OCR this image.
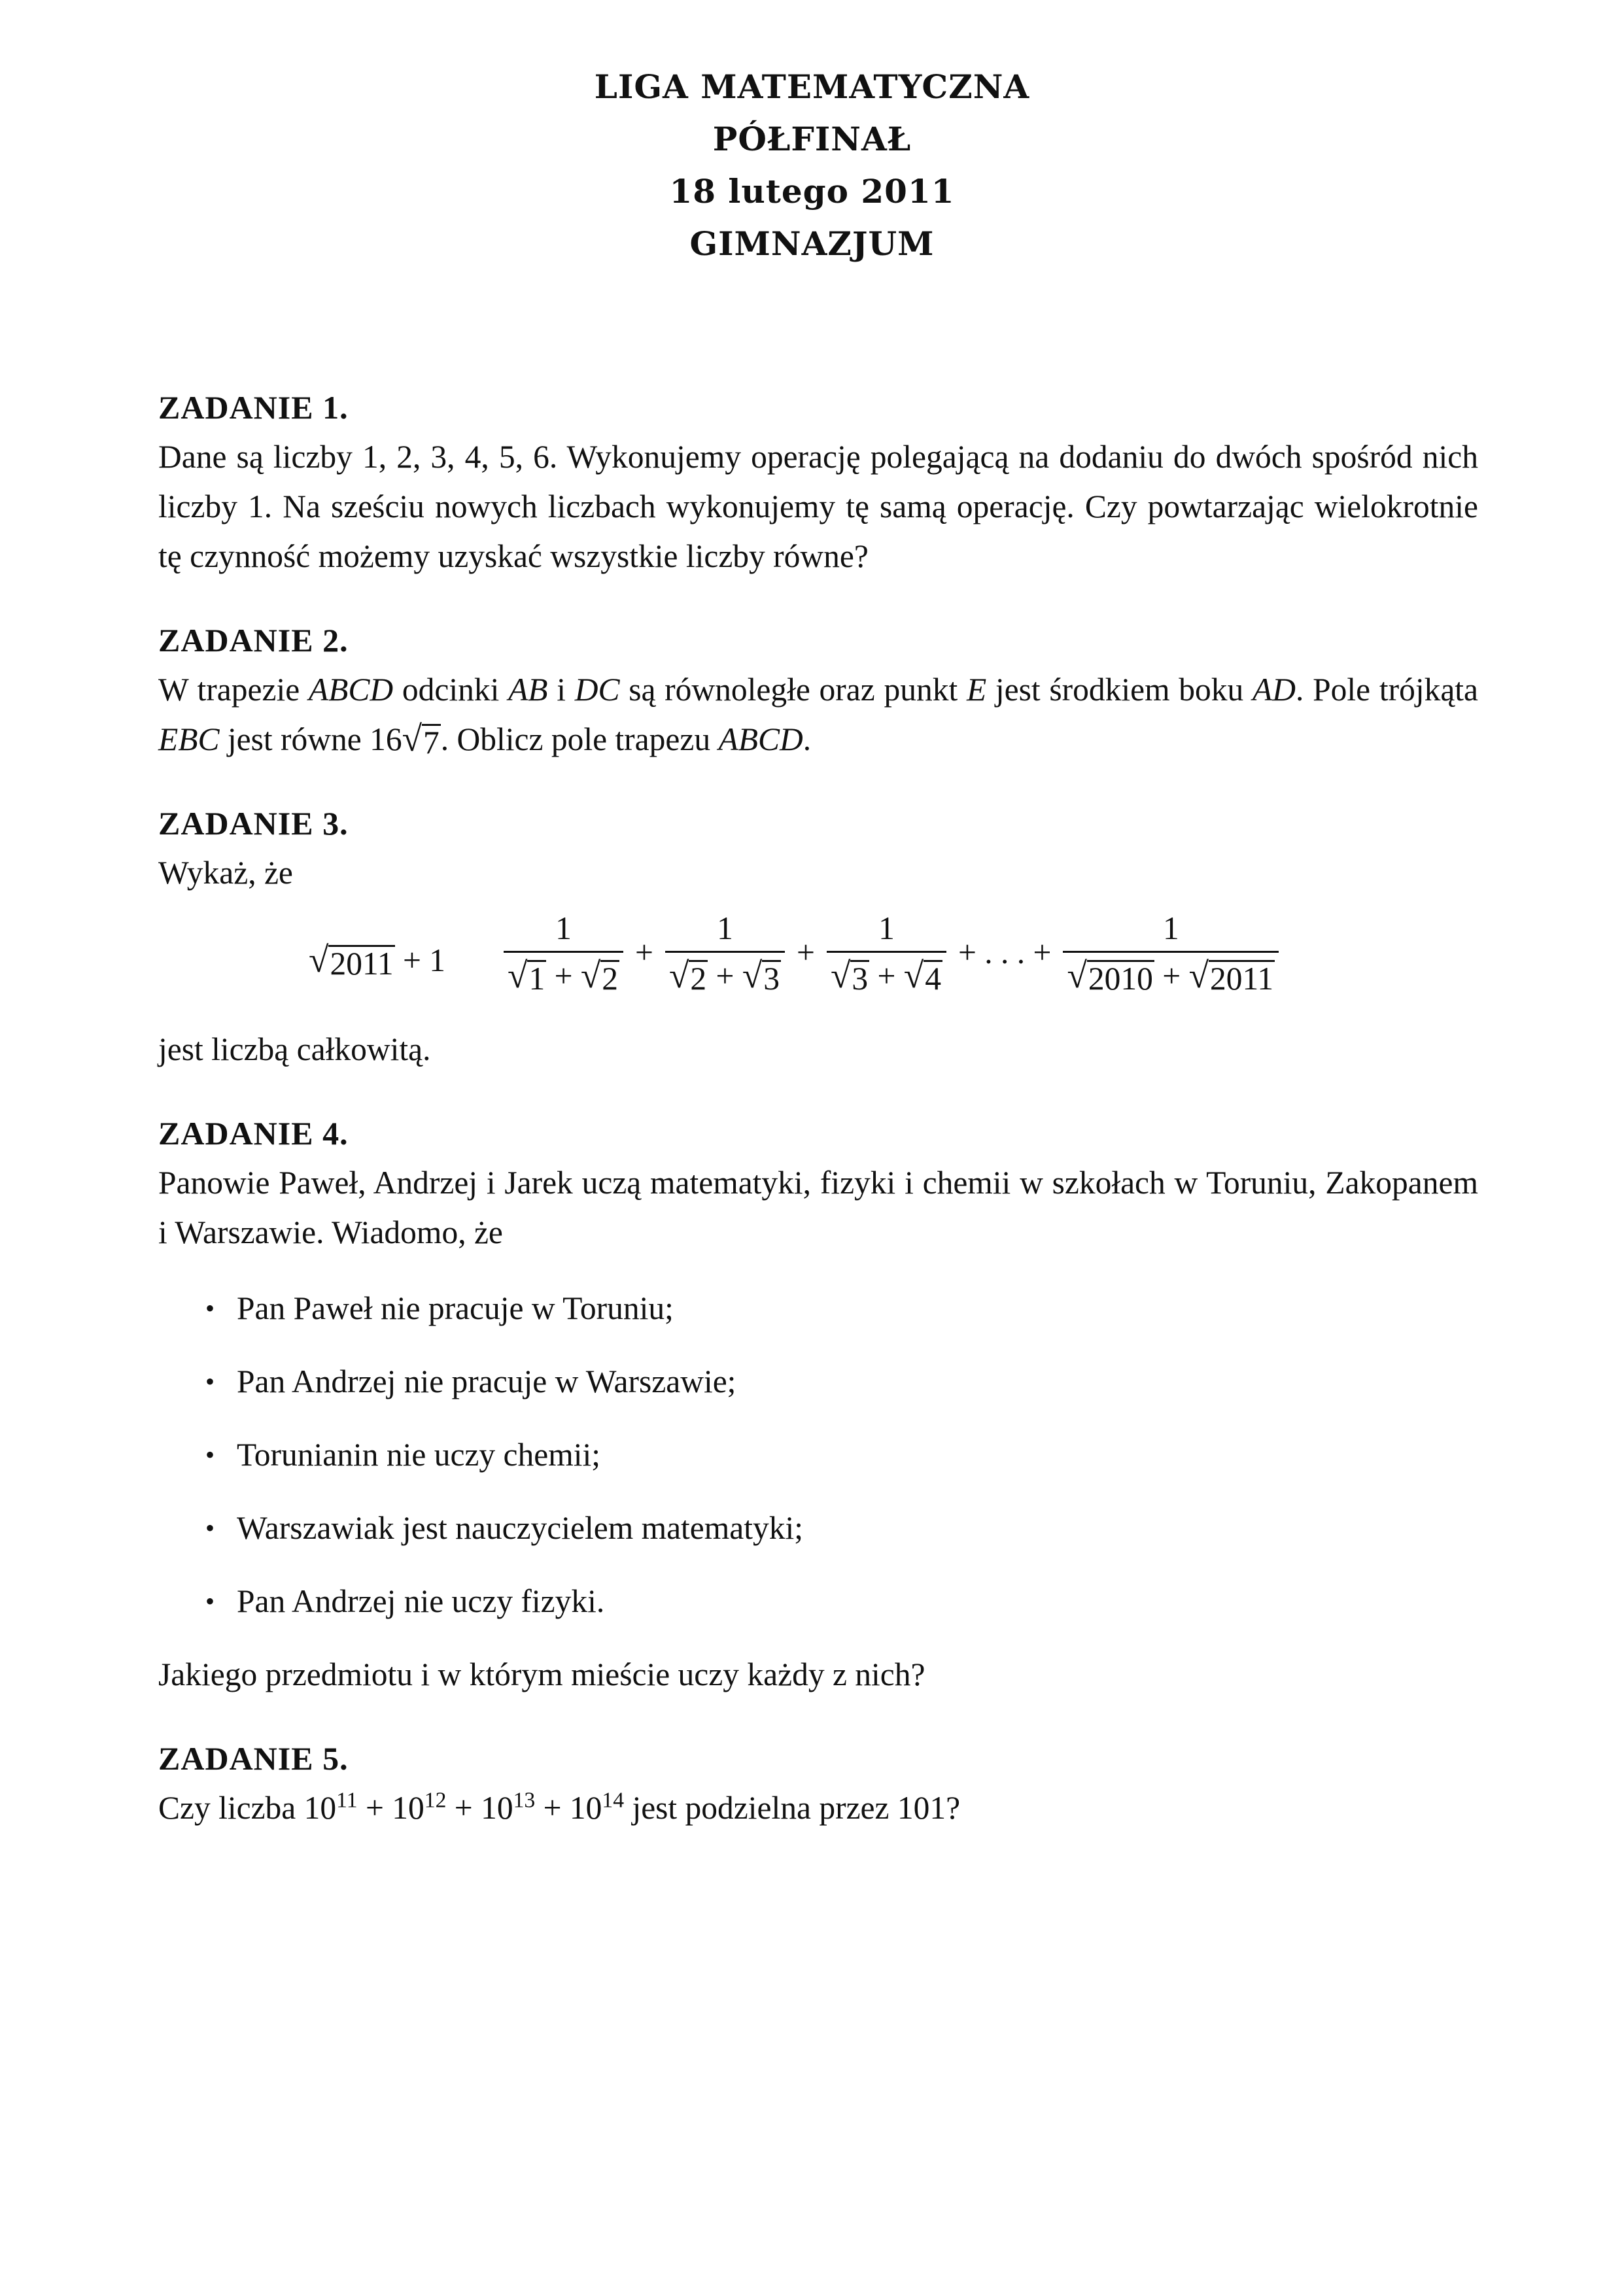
LIGA MATEMATYCZNA
PÓŁFINAŁ
18 lutego 2011
GIMNAZJUM
ZADANIE 1.
Dane są liczby 1, 2, 3, 4, 5, 6. Wykonujemy operację polegającą na dodaniu do dwóch spośród nich liczby 1. Na sześciu nowych liczbach wykonujemy tę samą operację. Czy powtarzając wielokrotnie tę czynność możemy uzyskać wszystkie liczby równe?
ZADANIE 2.
W trapezie ABCD odcinki AB i DC są równoległe oraz punkt E jest środkiem boku AD. Pole trójkąta EBC jest równe 16 √ 7 . Oblicz pole trapezu ABCD.
ZADANIE 3.
Wykaż, że
√ $2011 + 1 \frac{1}{√ 1 + √ 2} + \frac{1}{√ 2 + √ 3} + \frac{1}{√ 3 + √ 4}$ + . . . + $\frac{1}{√ 2010 + √ 2011}$
jest liczbą całkowitą.
ZADANIE 4.
Panowie Paweł, Andrzej i Jarek uczą matematyki, fizyki i chemii w szkołach w Toruniu, Zakopanem i Warszawie. Wiadomo, że
• Pan Paweł nie pracuje w Toruniu;
• Pan Andrzej nie pracuje w Warszawie;
• Torunianin nie uczy chemii;
• Warszawiak jest nauczycielem matematyki;
• Pan Andrzej nie uczy fizyki.
Jakiego przedmiotu i w którym mieście uczy każdy z nich?
ZADANIE 5.
Czy liczba $10^{11} + 10^{12} + 10^{13} + 10^{14}$ jest podzielna przez 101?
